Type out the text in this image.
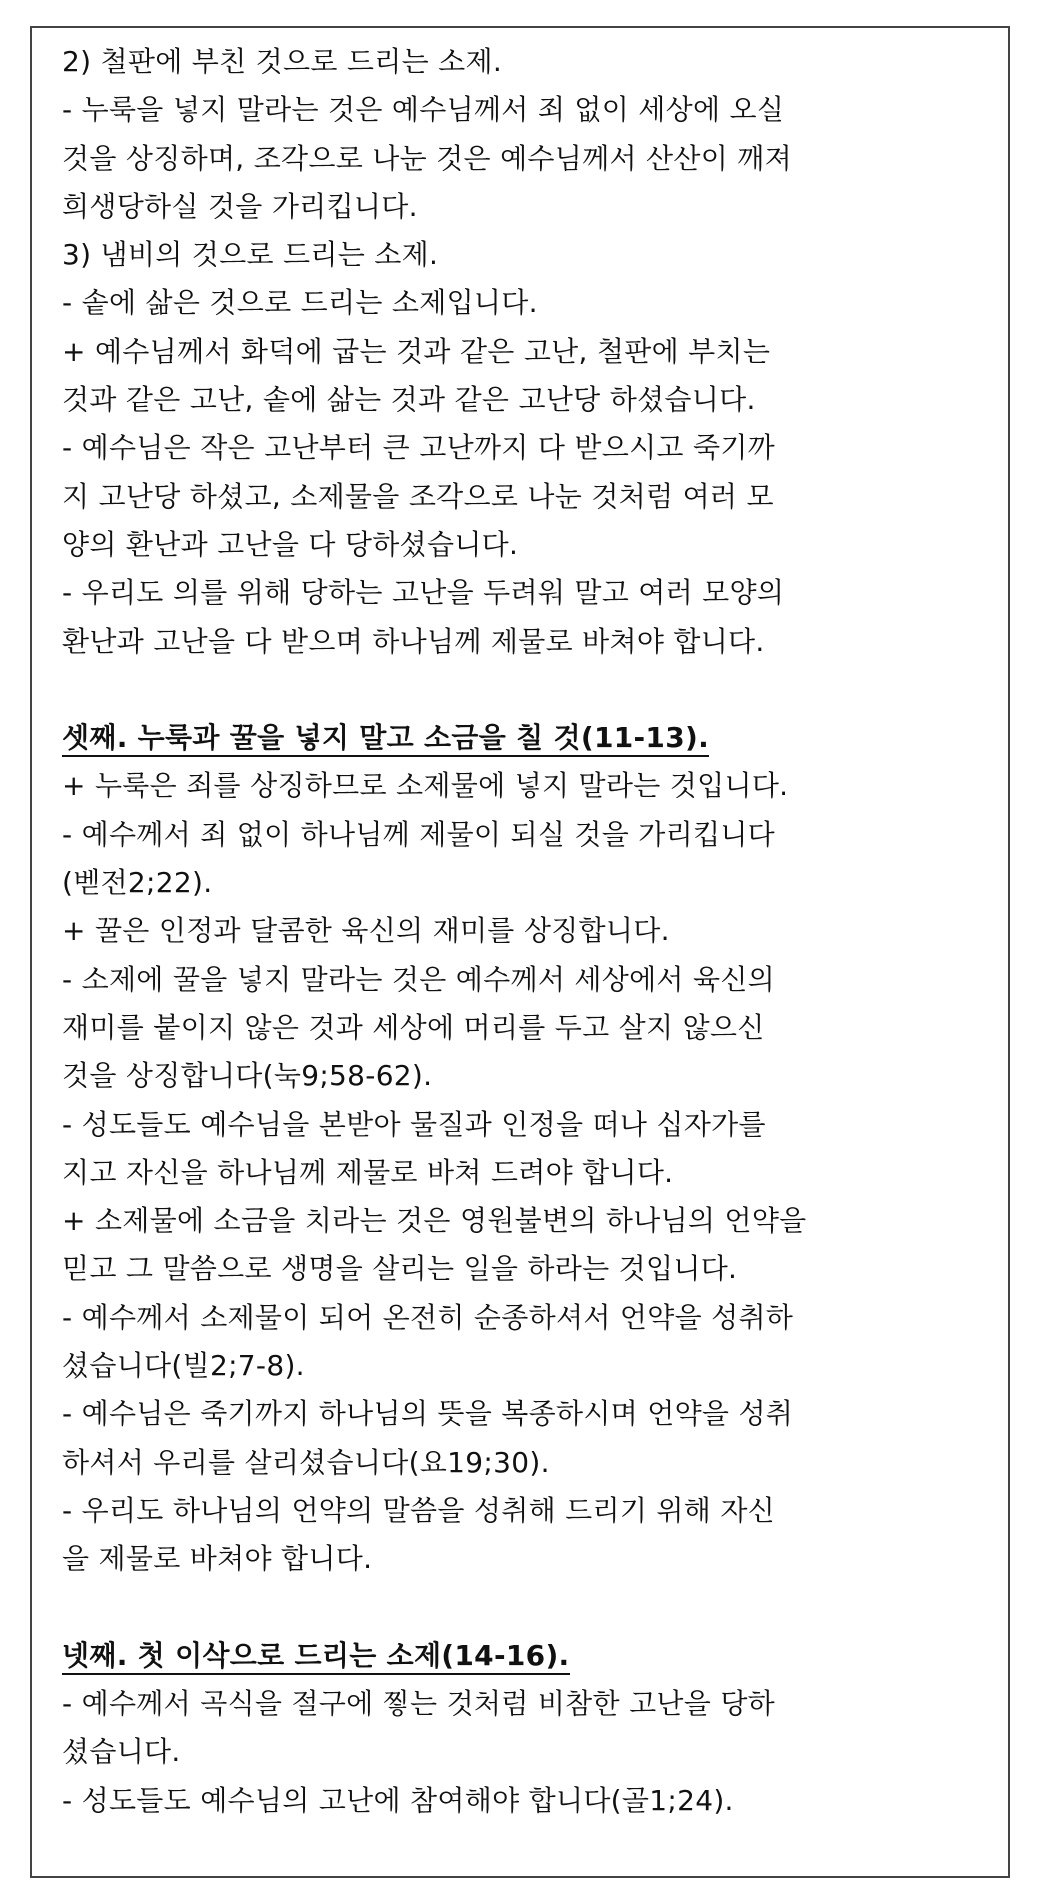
2) 철판에 부친 것으로 드리는 소제.
- 누룩을 넣지 말라는 것은 예수님께서 죄 없이 세상에 오실
것을 상징하며, 조각으로 나눈 것은 예수님께서 산산이 깨져
희생당하실 것을 가리킵니다.
3) 냄비의 것으로 드리는 소제.
- 솥에 삶은 것으로 드리는 소제입니다.
+ 예수님께서 화덕에 굽는 것과 같은 고난, 철판에 부치는
것과 같은 고난, 솥에 삶는 것과 같은 고난당 하셨습니다.
- 예수님은 작은 고난부터 큰 고난까지 다 받으시고 죽기까
지 고난당 하셨고, 소제물을 조각으로 나눈 것처럼 여러 모
양의 환난과 고난을 다 당하셨습니다.
- 우리도 의를 위해 당하는 고난을 두려워 말고 여러 모양의
환난과 고난을 다 받으며 하나님께 제물로 바쳐야 합니다.
셋째. 누룩과 꿀을 넣지 말고 소금을 칠 것(11-13).
+ 누룩은 죄를 상징하므로 소제물에 넣지 말라는 것입니다.
- 예수께서 죄 없이 하나님께 제물이 되실 것을 가리킵니다
(벧전2;22).
+ 꿀은 인정과 달콤한 육신의 재미를 상징합니다.
- 소제에 꿀을 넣지 말라는 것은 예수께서 세상에서 육신의
재미를 붙이지 않은 것과 세상에 머리를 두고 살지 않으신
것을 상징합니다(눅9;58-62).
- 성도들도 예수님을 본받아 물질과 인정을 떠나 십자가를
지고 자신을 하나님께 제물로 바쳐 드려야 합니다.
+ 소제물에 소금을 치라는 것은 영원불변의 하나님의 언약을
믿고 그 말씀으로 생명을 살리는 일을 하라는 것입니다.
- 예수께서 소제물이 되어 온전히 순종하셔서 언약을 성취하
셨습니다(빌2;7-8).
- 예수님은 죽기까지 하나님의 뜻을 복종하시며 언약을 성취
하셔서 우리를 살리셨습니다(요19;30).
- 우리도 하나님의 언약의 말씀을 성취해 드리기 위해 자신
을 제물로 바쳐야 합니다.
넷째. 첫 이삭으로 드리는 소제(14-16).
- 예수께서 곡식을 절구에 찧는 것처럼 비참한 고난을 당하
셨습니다.
- 성도들도 예수님의 고난에 참여해야 합니다(골1;24).
